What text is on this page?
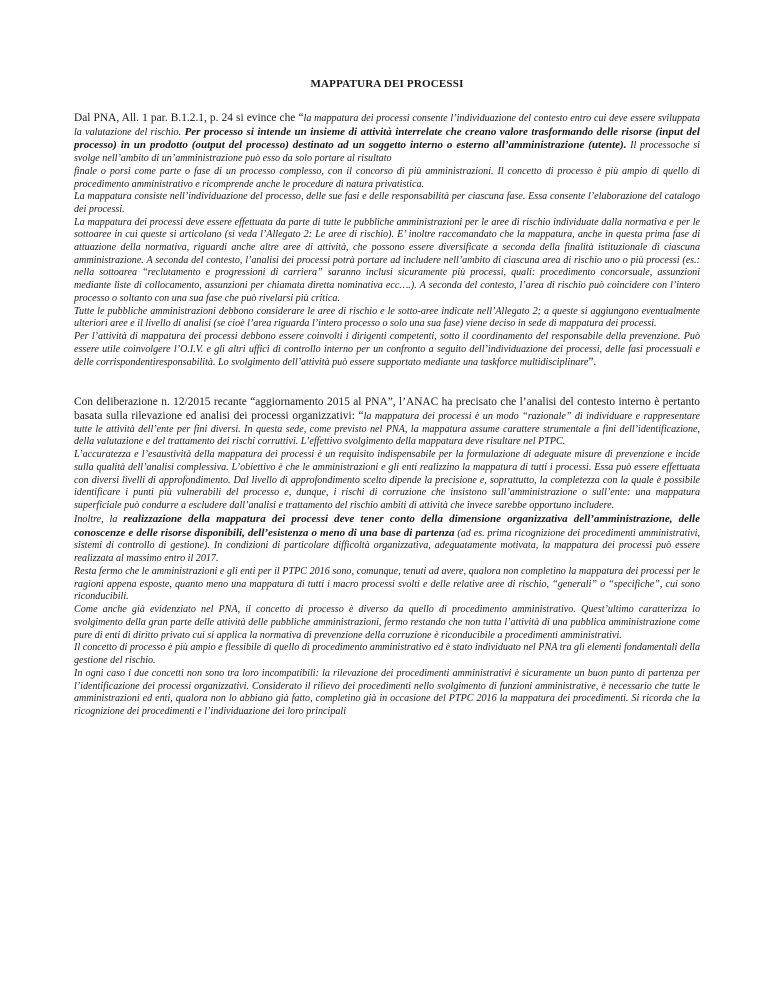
MAPPATURA DEI PROCESSI

Dal PNA, All. 1 par. B.1.2.1, p. 24 si evince che “la mappatura dei processi consente l’individuazione del contesto entro cui deve essere sviluppata la valutazione del rischio. Per processo si intende un insieme di attività interrelate che creano valore trasformando delle risorse (input del processo) in un prodotto (output del processo) destinato ad un soggetto interno o esterno all’amministrazione (utente). Il processoche si svolge nell’ambito di un’amministrazione può esso da solo portare al risultato

finale o porsi come parte o fase di un processo complesso, con il concorso di più amministrazioni. Il concetto di processo è più ampio di quello di procedimento amministrativo e ricomprende anche le procedure di natura privatistica.

La mappatura consiste nell’individuazione del processo, delle sue fasi e delle responsabilità per ciascuna fase. Essa consente l’elaborazione del catalogo dei processi.

La mappatura dei processi deve essere effettuata da parte di tutte le pubbliche amministrazioni per le aree di rischio individuate dalla normativa e per le sottoaree in cui queste si articolano (si veda l’Allegato 2: Le aree di rischio). E’ inoltre raccomandato che la mappatura, anche in questa prima fase di attuazione della normativa, riguardi anche altre aree di attività, che possono essere diversificate a seconda della finalità istituzionale di ciascuna amministrazione. A seconda del contesto, l’analisi dei processi potrà portare ad includere nell’ambito di ciascuna area di rischio uno o più processi (es.: nella sottoarea “reclutamento e progressioni di carriera” saranno inclusi sicuramente più processi, quali: procedimento concorsuale, assunzioni mediante liste di collocamento, assunzioni per chiamata diretta nominativa ecc….). A seconda del contesto, l’area di rischio può coincidere con l’intero processo o soltanto con una sua fase che può rivelarsi più critica.

Tutte le pubbliche amministrazioni debbono considerare le aree di rischio e le sotto-aree indicate nell’Allegato 2; a queste si aggiungono eventualmente ulteriori aree e il livello di analisi (se cioè l’area riguarda l’intero processo o solo una sua fase) viene deciso in sede di mappatura dei processi.

Per l’attività di mappatura dei processi debbono essere coinvolti i dirigenti competenti, sotto il coordinamento del responsabile della prevenzione. Può essere utile coinvolgere l’O.I.V. e gli altri uffici di controllo interno per un confronto a seguito dell’individuazione dei processi, delle fasi processuali e delle corrispondentiresponsabilità. Lo svolgimento dell’attività può essere supportato mediante una taskforce multidisciplinare”.

Con deliberazione n. 12/2015 recante “aggiornamento 2015 al PNA”, l’ANAC ha precisato che l’analisi del contesto interno è pertanto basata sulla rilevazione ed analisi dei processi organizzativi: “la mappatura dei processi è un modo “razionale” di individuare e rappresentare tutte le attività dell’ente per fini diversi. In questa sede, come previsto nel PNA, la mappatura assume carattere strumentale a fini dell’identificazione, della valutazione e del trattamento dei rischi corruttivi. L’effettivo svolgimento della mappatura deve risultare nel PTPC.

L’accuratezza e l’esaustività della mappatura dei processi è un requisito indispensabile per la formulazione di adeguate misure di prevenzione e incide sulla qualità dell’analisi complessiva. L’obiettivo è che le amministrazioni e gli enti realizzino la mappatura di tutti i processi. Essa può essere effettuata con diversi livelli di approfondimento. Dal livello di approfondimento scelto dipende la precisione e, soprattutto, la completezza con la quale è possibile identificare i punti più vulnerabili del processo e, dunque, i rischi di corruzione che insistono sull’amministrazione o sull’ente: una mappatura superficiale può condurre a escludere dall’analisi e trattamento del rischio ambiti di attività che invece sarebbe opportuno includere.

Inoltre, la realizzazione della mappatura dei processi deve tener conto della dimensione organizzativa dell’amministrazione, delle conoscenze e delle risorse disponibili, dell’esistenza o meno di una base di partenza (ad es. prima ricognizione dei procedimenti amministrativi, sistemi di controllo di gestione). In condizioni di particolare difficoltà organizzativa, adeguatamente motivata, la mappatura dei processi può essere realizzata al massimo entro il 2017.

Resta fermo che le amministrazioni e gli enti per il PTPC 2016 sono, comunque, tenuti ad avere, qualora non completino la mappatura dei processi per le ragioni appena esposte, quanto meno una mappatura di tutti i macro processi svolti e delle relative aree di rischio, “generali” o “specifiche”, cui sono riconducibili.

Come anche già evidenziato nel PNA, il concetto di processo è diverso da quello di procedimento amministrativo. Quest’ultimo caratterizza lo svolgimento della gran parte delle attività delle pubbliche amministrazioni, fermo restando che non tutta l’attività di una pubblica amministrazione come pure di enti di diritto privato cui si applica la normativa di prevenzione della corruzione è riconducibile a procedimenti amministrativi.

Il concetto di processo è più ampio e flessibile di quello di procedimento amministrativo ed è stato individuato nel PNA tra gli elementi fondamentali della gestione del rischio.

In ogni caso i due concetti non sono tra loro incompatibili: la rilevazione dei procedimenti amministrativi è sicuramente un buon punto di partenza per l’identificazione dei processi organizzativi. Considerato il rilievo dei procedimenti nello svolgimento di funzioni amministrative, è necessario che tutte le amministrazioni ed enti, qualora non lo abbiano già fatto, completino già in occasione del PTPC 2016 la mappatura dei procedimenti. Si ricorda che la ricognizione dei procedimenti e l’individuazione dei loro principali
